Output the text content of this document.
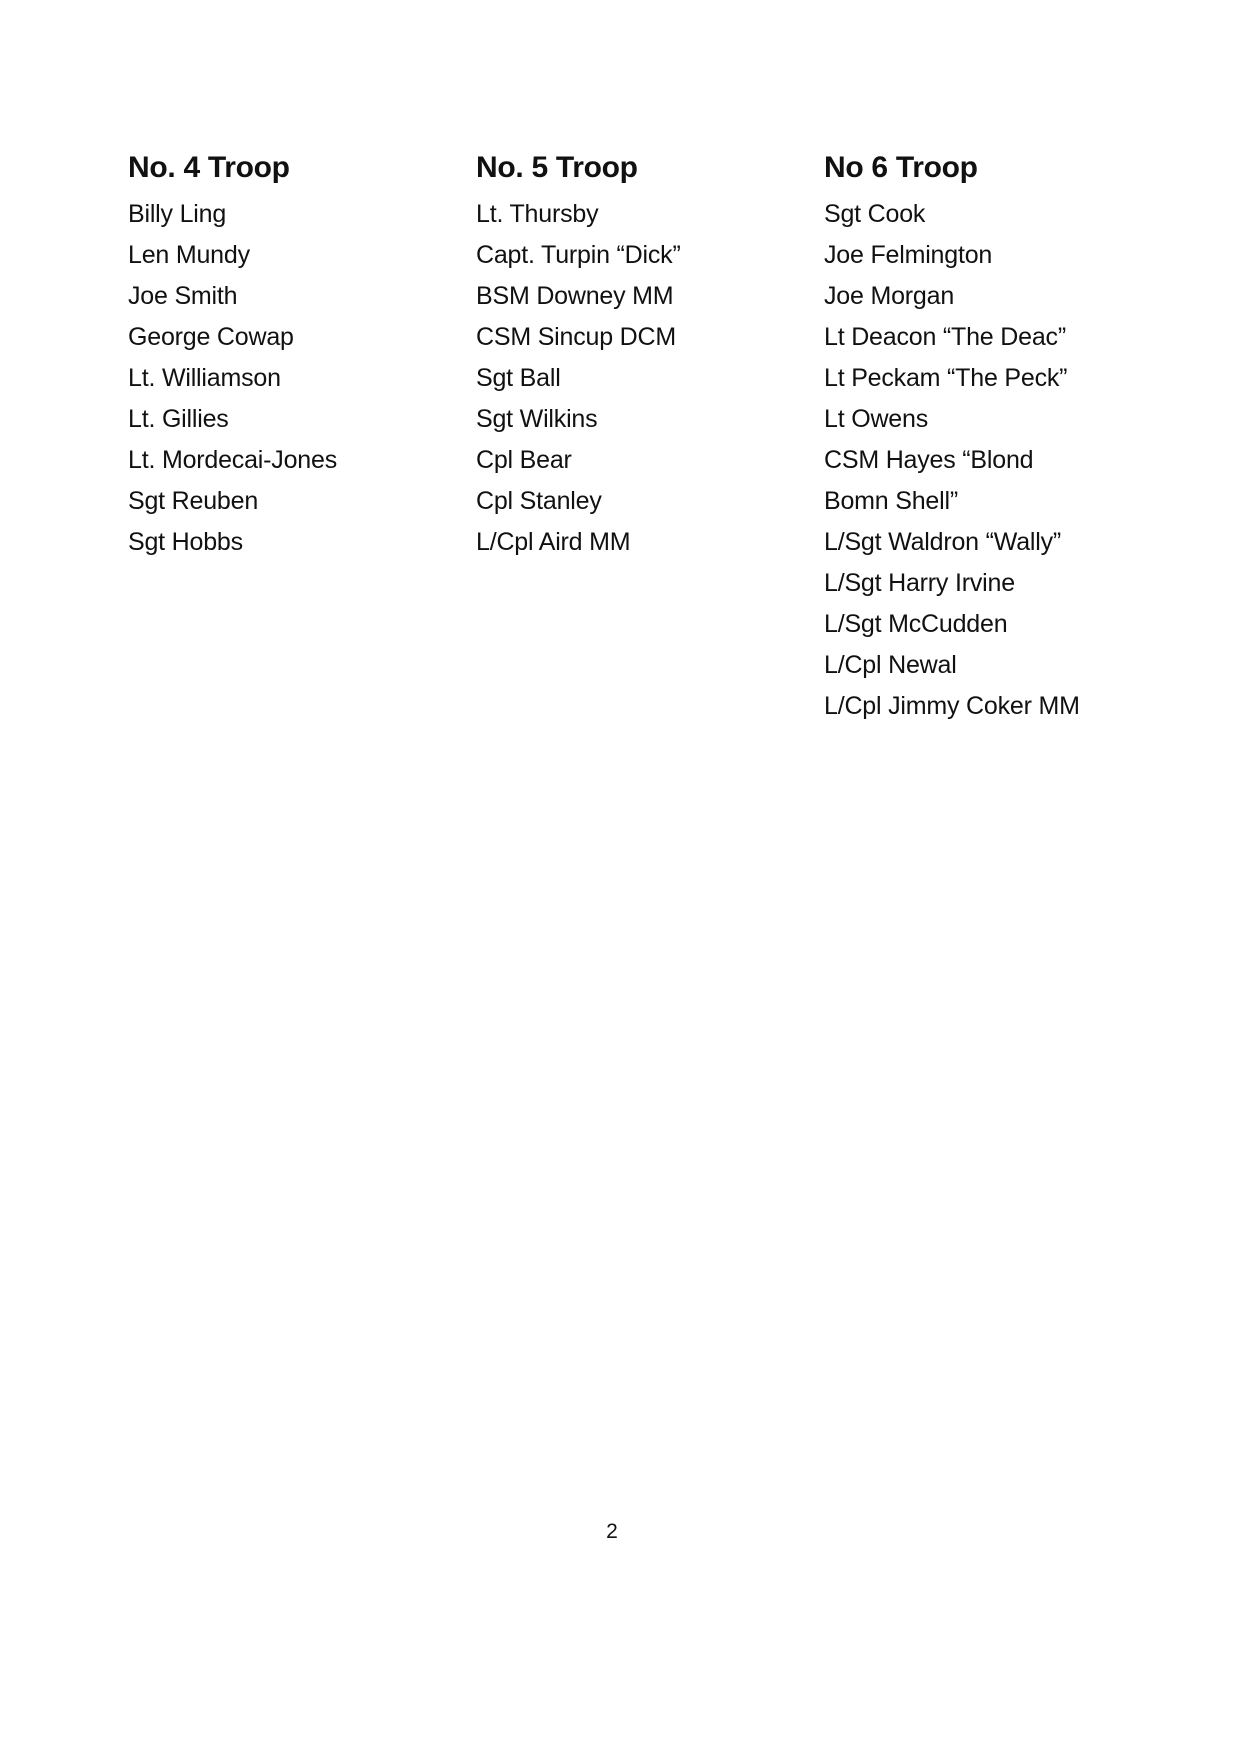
No. 4 Troop
Billy Ling
Len Mundy
Joe Smith
George Cowap
Lt. Williamson
Lt. Gillies
Lt. Mordecai-Jones
Sgt Reuben
Sgt Hobbs
No. 5 Troop
Lt. Thursby
Capt. Turpin “Dick”
BSM Downey MM
CSM Sincup DCM
Sgt Ball
Sgt Wilkins
Cpl Bear
Cpl Stanley
L/Cpl Aird MM
No 6 Troop
Sgt Cook
Joe Felmington
Joe Morgan
Lt Deacon “The Deac”
Lt Peckam “The Peck”
Lt Owens
CSM Hayes “Blond
Bomn Shell”
L/Sgt Waldron “Wally”
L/Sgt Harry Irvine
L/Sgt McCudden
L/Cpl Newal
L/Cpl Jimmy Coker MM
2
